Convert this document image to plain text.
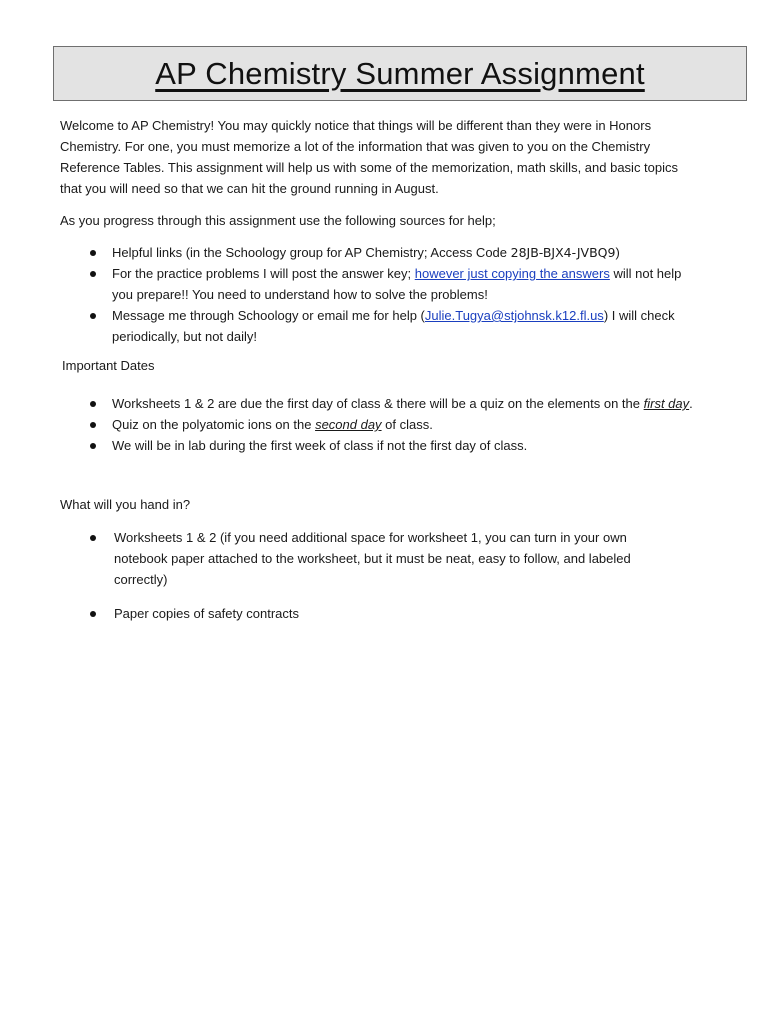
AP Chemistry Summer Assignment

Welcome to AP Chemistry! You may quickly notice that things will be different than they were in Honors Chemistry. For one, you must memorize a lot of the information that was given to you on the Chemistry Reference Tables. This assignment will help us with some of the memorization, math skills, and basic topics that you will need so that we can hit the ground running in August.

As you progress through this assignment use the following sources for help;

Helpful links (in the Schoology group for AP Chemistry; Access Code 28JB-BJX4-JVBQ9)
For the practice problems I will post the answer key; however just copying the answers will not help you prepare!! You need to understand how to solve the problems!
Message me through Schoology or email me for help (Julie.Tugya@stjohnsk.k12.fl.us) I will check periodically, but not daily!

Important Dates

Worksheets 1 & 2 are due the first day of class & there will be a quiz on the elements on the first day.
Quiz on the polyatomic ions on the second day of class.
We will be in lab during the first week of class if not the first day of class.

What will you hand in?

Worksheets 1 & 2 (if you need additional space for worksheet 1, you can turn in your own notebook paper attached to the worksheet, but it must be neat, easy to follow, and labeled correctly)
Paper copies of safety contracts
